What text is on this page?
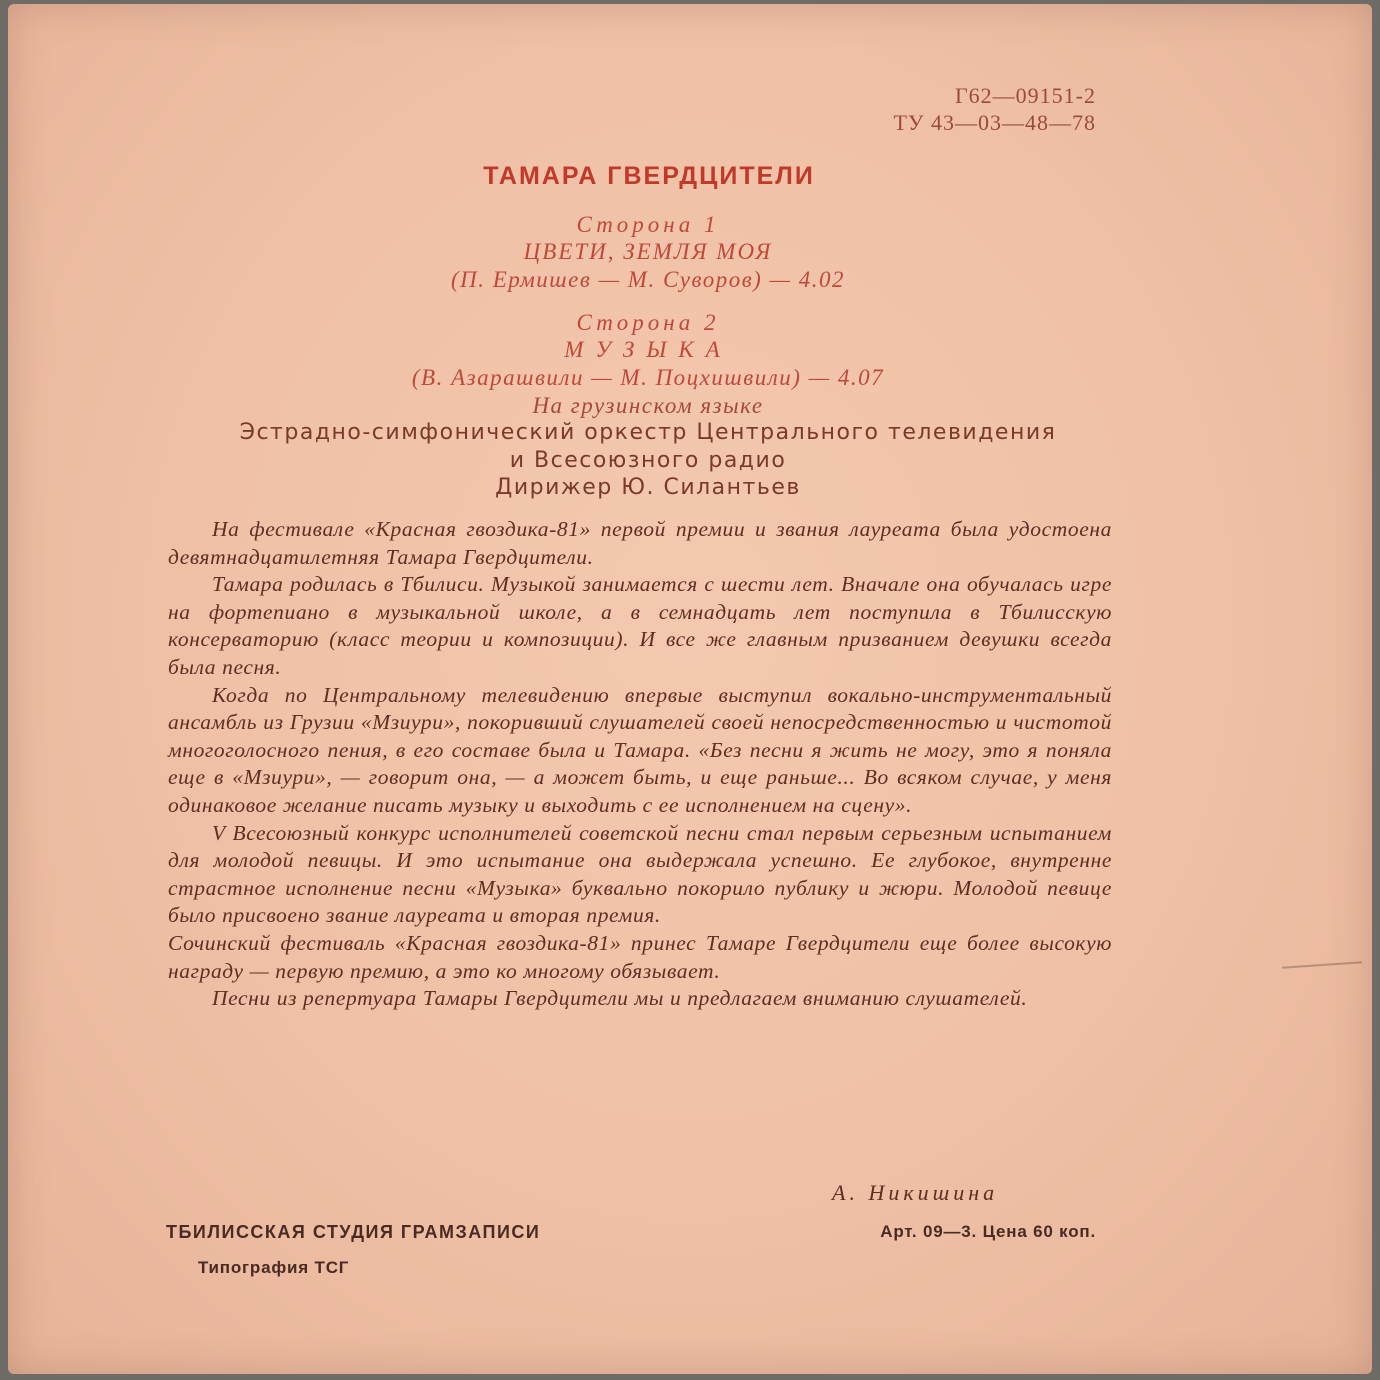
Г62—09151-2
ТУ 43—03—48—78
ТАМАРА ГВЕРДЦИТЕЛИ
Сторона 1
ЦВЕТИ, ЗЕМЛЯ МОЯ
(П. Ермишев — М. Суворов) — 4.02
Сторона 2
МУЗЫКА
(В. Азарашвили — М. Поцхишвили) — 4.07
На грузинском языке
Эстрадно-симфонический оркестр Центрального телевидения
и Всесоюзного радио
Дирижер Ю. Силантьев

На фестивале «Красная гвоздика-81» первой премии и звания лауреата была удостоена девятнадцатилетняя Тамара Гвердцители.

Тамара родилась в Тбилиси. Музыкой занимается с шести лет. Вначале она обучалась игре на фортепиано в музыкальной школе, а в семнадцать лет поступила в Тбилисскую консерваторию (класс теории и композиции). И все же главным призванием девушки всегда была песня.

Когда по Центральному телевидению впервые выступил вокально-инструментальный ансамбль из Грузии «Мзиури», покоривший слушателей своей непосредственностью и чистотой многоголосного пения, в его составе была и Тамара. «Без песни я жить не могу, это я поняла еще в «Мзиури», — говорит она, — а может быть, и еще раньше... Во всяком случае, у меня одинаковое желание писать музыку и выходить с ее исполнением на сцену».

V Всесоюзный конкурс исполнителей советской песни стал первым серьезным испытанием для молодой певицы. И это испытание она выдержала успешно. Ее глубокое, внутренне страстное исполнение песни «Музыка» буквально покорило публику и жюри. Молодой певице было присвоено звание лауреата и вторая премия.

Сочинский фестиваль «Красная гвоздика-81» принес Тамаре Гвердцители еще более высокую награду — первую премию, а это ко многому обязывает.

Песни из репертуара Тамары Гвердцители мы и предлагаем вниманию слушателей.

А. Никишина
ТБИЛИССКАЯ СТУДИЯ ГРАМЗАПИСИ	Арт. 09—3. Цена 60 коп.
Типография ТСГ
